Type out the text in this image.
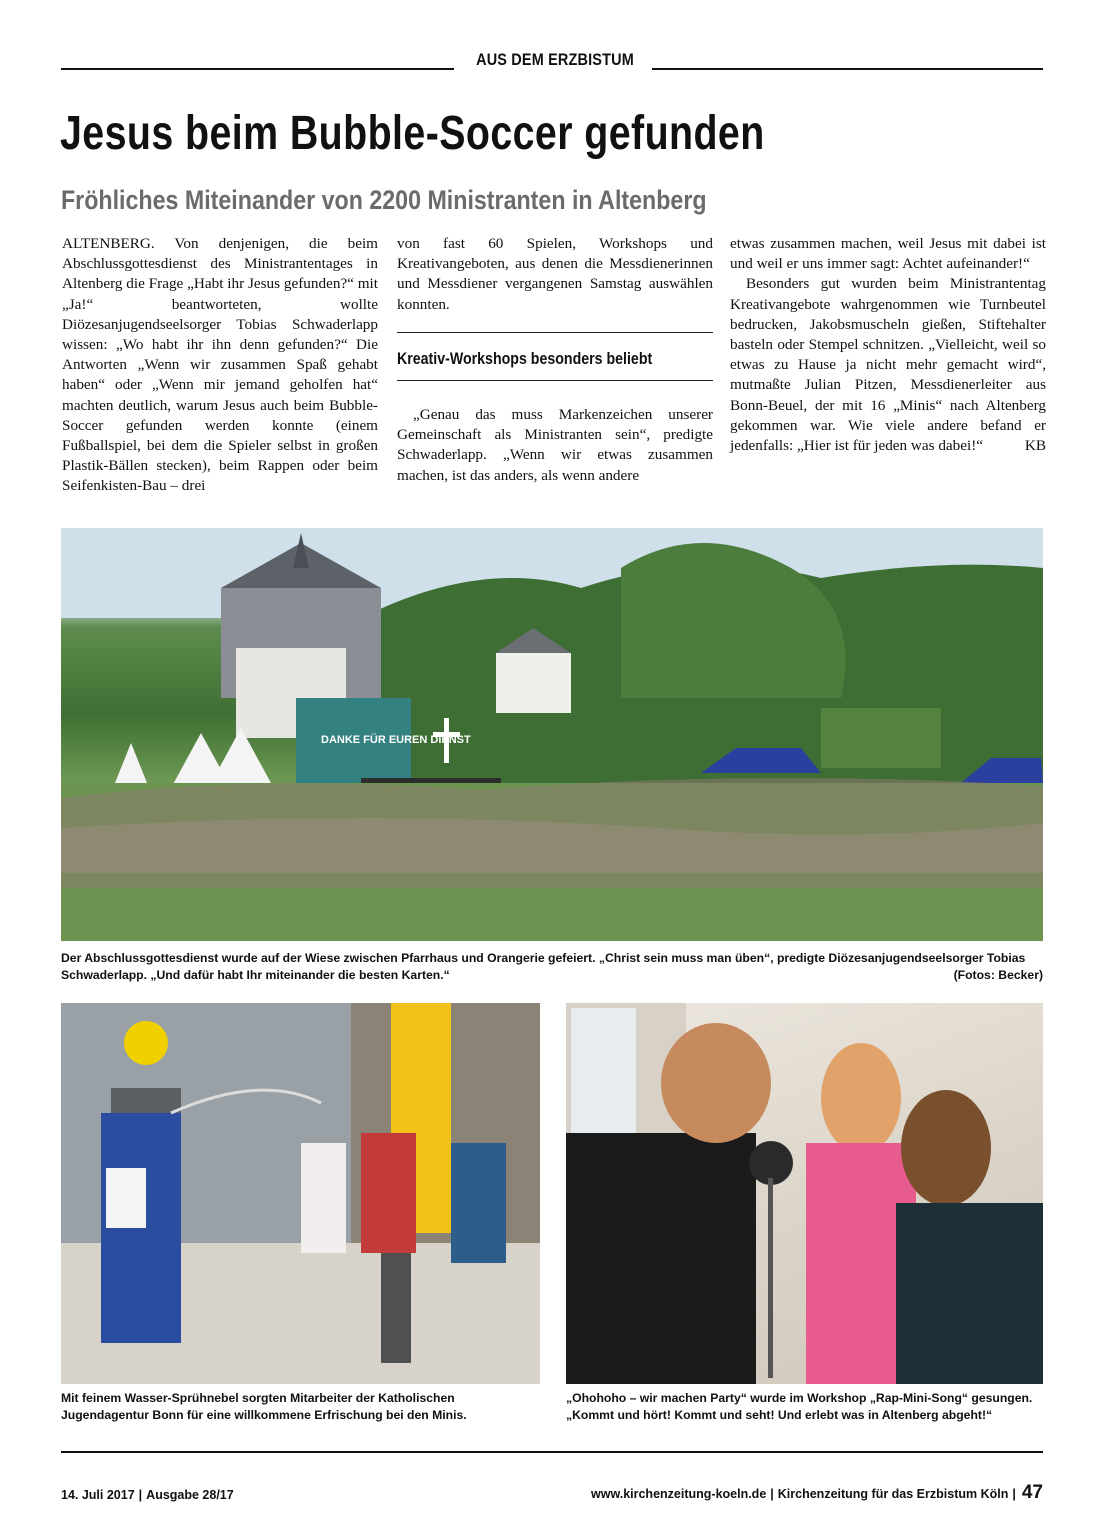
AUS DEM ERZBISTUM
Jesus beim Bubble-Soccer gefunden
Fröhliches Miteinander von 2200 Ministranten in Altenberg

ALTENBERG. Von denjenigen, die beim Abschlussgottesdienst des Ministrantentages in Altenberg die Frage „Habt ihr Jesus gefunden?“ mit „Ja!“ beantworteten, wollte Diözesanjugendseelsorger Tobias Schwaderlapp wissen: „Wo habt ihr ihn denn gefunden?“ Die Antworten „Wenn wir zusammen Spaß gehabt haben“ oder „Wenn mir jemand geholfen hat“ machten deutlich, warum Jesus auch beim Bubble-Soccer gefunden werden konnte (einem Fußballspiel, bei dem die Spieler selbst in großen Plastik-Bällen stecken), beim Rappen oder beim Seifenkisten-Bau – drei

von fast 60 Spielen, Workshops und Kreativangeboten, aus denen die Messdienerinnen und Messdiener vergangenen Samstag auswählen konnten.

Kreativ-Workshops besonders beliebt

„Genau das muss Markenzeichen unserer Gemeinschaft als Ministranten sein“, predigte Schwaderlapp. „Wenn wir etwas zusammen machen, ist das anders, als wenn andere

etwas zusammen machen, weil Jesus mit dabei ist und weil er uns immer sagt: Achtet aufeinander!“

Besonders gut wurden beim Ministrantentag Kreativangebote wahrgenommen wie Turnbeutel bedrucken, Jakobsmuscheln gießen, Stiftehalter basteln oder Stempel schnitzen. „Vielleicht, weil so etwas zu Hause ja nicht mehr gemacht wird“, mutmaßte Julian Pitzen, Messdienerleiter aus Bonn-Beuel, der mit 16 „Minis“ nach Altenberg gekommen war. Wie viele andere befand er jedenfalls: „Hier ist für jeden was dabei!“	KB

DANKE FÜR EUREN DIENST
Der Abschlussgottesdienst wurde auf der Wiese zwischen Pfarrhaus und Orangerie gefeiert. „Christ sein muss man üben“, predigte Diözesanjugendseelsorger Tobias Schwaderlapp. „Und dafür habt Ihr miteinander die besten Karten.“	(Fotos: Becker)
Mit feinem Wasser-Sprühnebel sorgten Mitarbeiter der Katholischen Jugendagentur Bonn für eine willkommene Erfrischung bei den Minis.
„Ohohoho – wir machen Party“ wurde im Workshop „Rap-Mini-Song“ gesungen. „Kommt und hört! Kommt und seht! Und erlebt was in Altenberg abgeht!“
14. Juli 2017 | Ausgabe 28/17	www.kirchenzeitung-koeln.de | Kirchenzeitung für das Erzbistum Köln | 47
